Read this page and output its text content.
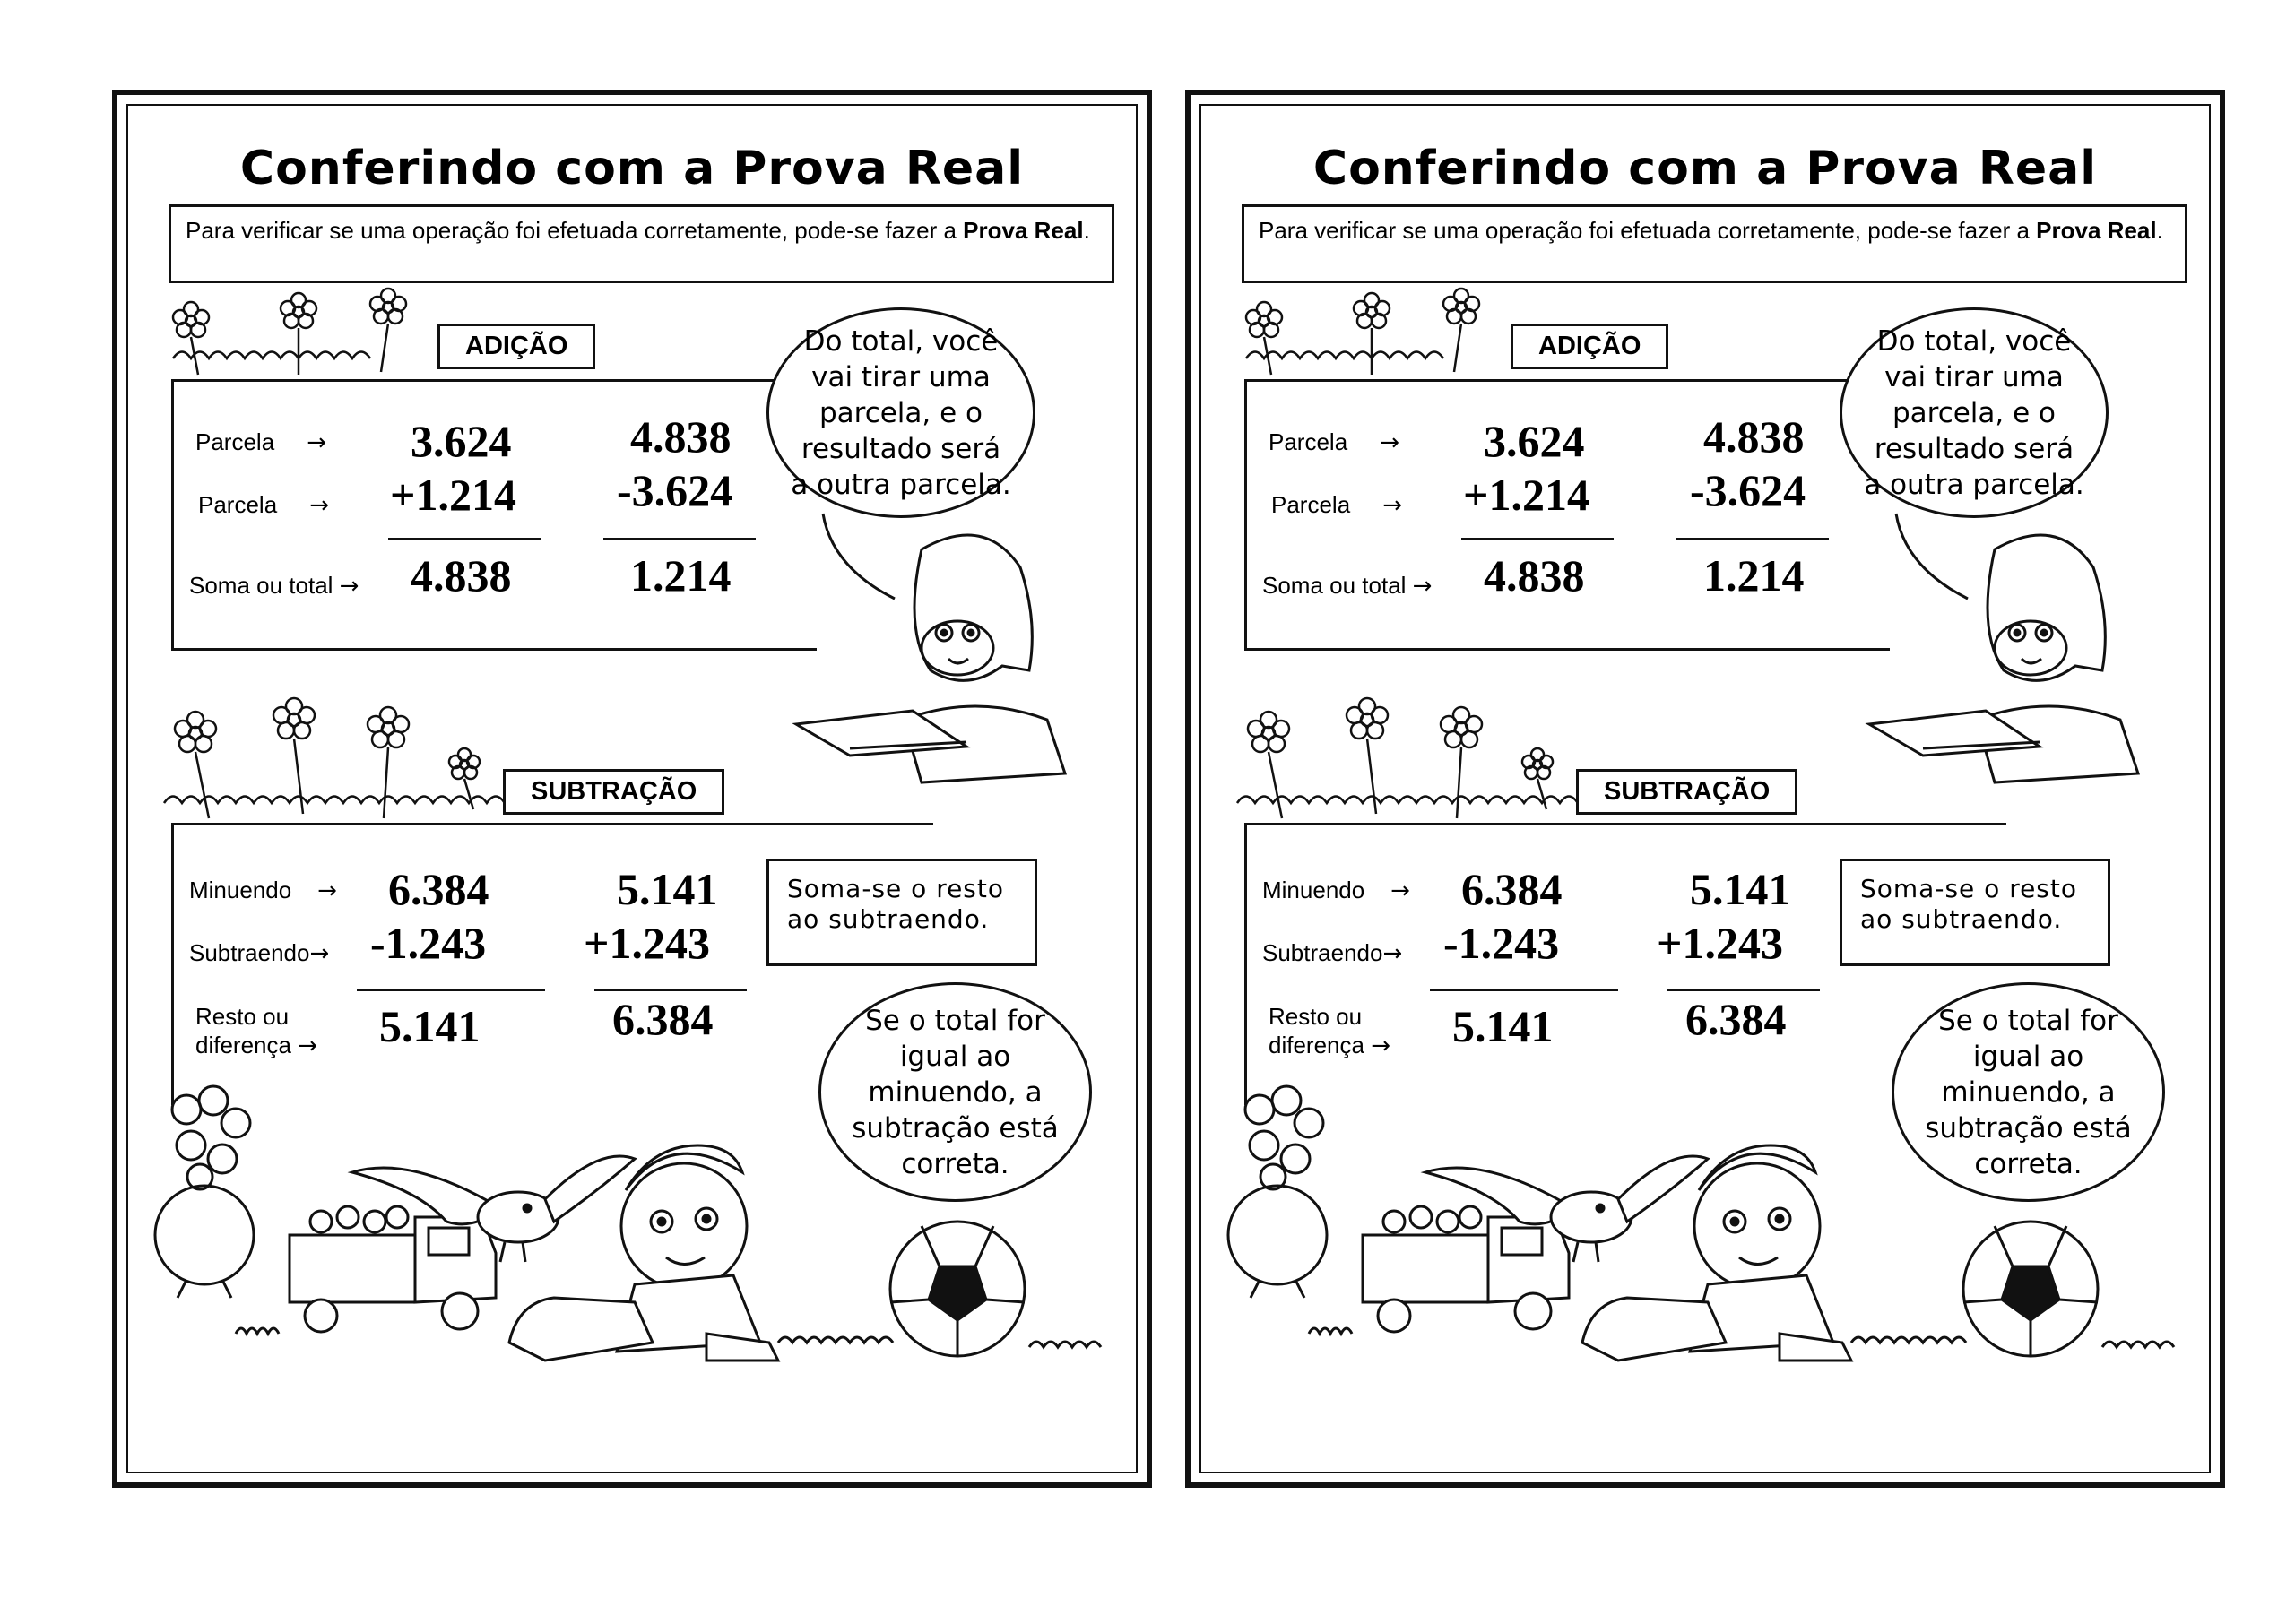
Conferindo com a Prova Real
Para verificar se uma operação foi efetuada corretamente, pode-se fazer a Prova Real.
ADIÇÃO
Parcela →
Parcela →
Soma ou total →
3.624
+1.214
4.838
4.838
-3.624
1.214
Do total, você vai tirar uma parcela, e o resultado será a outra parcela.
SUBTRAÇÃO
Minuendo →
Subtraendo→
Resto ou
diferença →
6.384
-1.243
5.141
5.141
+1.243
6.384
Soma-se o resto ao subtraendo.
Se o total for igual ao minuendo, a subtração está correta.
Conferindo com a Prova Real
Para verificar se uma operação foi efetuada corretamente, pode-se fazer a Prova Real.
ADIÇÃO
Parcela →
Parcela →
Soma ou total →
3.624
+1.214
4.838
4.838
-3.624
1.214
Do total, você vai tirar uma parcela, e o resultado será a outra parcela.
SUBTRAÇÃO
Minuendo →
Subtraendo→
Resto ou
diferença →
6.384
-1.243
5.141
5.141
+1.243
6.384
Soma-se o resto ao subtraendo.
Se o total for igual ao minuendo, a subtração está correta.
